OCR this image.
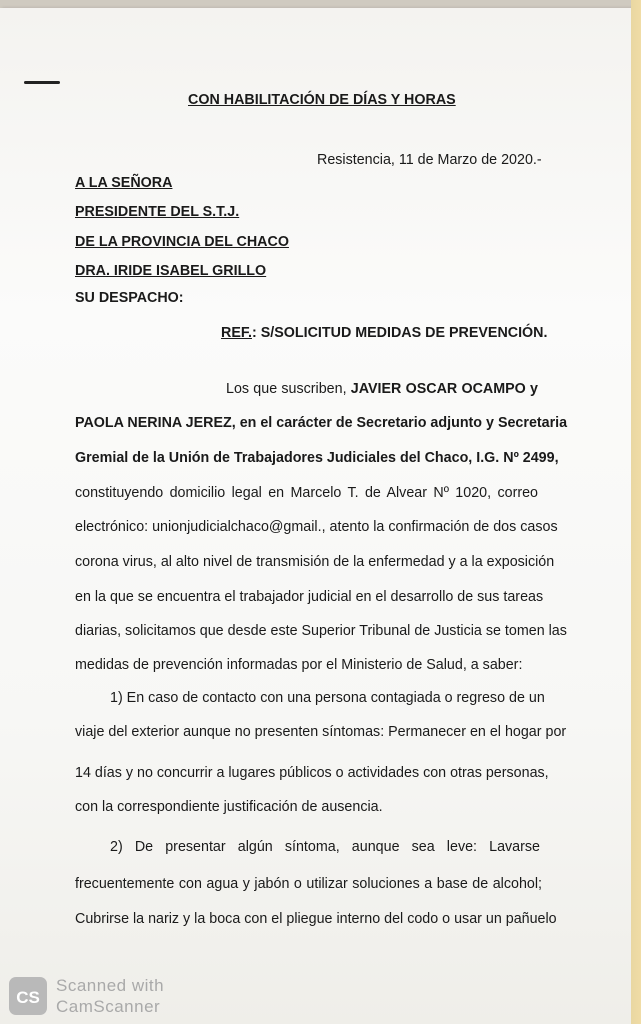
CON HABILITACIÓN DE DÍAS Y HORAS
Resistencia, 11 de Marzo de 2020.-
A LA SEÑORA
PRESIDENTE DEL S.T.J.
DE LA PROVINCIA DEL CHACO
DRA. IRIDE ISABEL GRILLO
SU DESPACHO:
REF.: S/SOLICITUD MEDIDAS DE PREVENCIÓN.
Los que suscriben, JAVIER OSCAR OCAMPO y
PAOLA NERINA JEREZ, en el carácter de Secretario adjunto y Secretaria
Gremial de la Unión de Trabajadores Judiciales del Chaco, I.G. Nº 2499,
constituyendo domicilio legal en Marcelo T. de Alvear Nº 1020, correo
electrónico: unionjudicialchaco@gmail., atento la confirmación de dos casos
corona virus, al alto nivel de transmisión de la enfermedad y a la exposición
en la que se encuentra el trabajador judicial en el desarrollo de sus tareas
diarias, solicitamos que desde este Superior Tribunal de Justicia se tomen las
medidas de prevención informadas por el Ministerio de Salud, a saber:
1) En caso de contacto con una persona contagiada o regreso de un
viaje del exterior aunque no presenten síntomas: Permanecer en el hogar por
14 días y no concurrir a lugares públicos o actividades con otras personas,
con la correspondiente justificación de ausencia.
2) De presentar algún síntoma, aunque sea leve: Lavarse
frecuentemente con agua y jabón o utilizar soluciones a base de alcohol;
Cubrirse la nariz y la boca con el pliegue interno del codo o usar un pañuelo
CS
Scanned with
CamScanner
